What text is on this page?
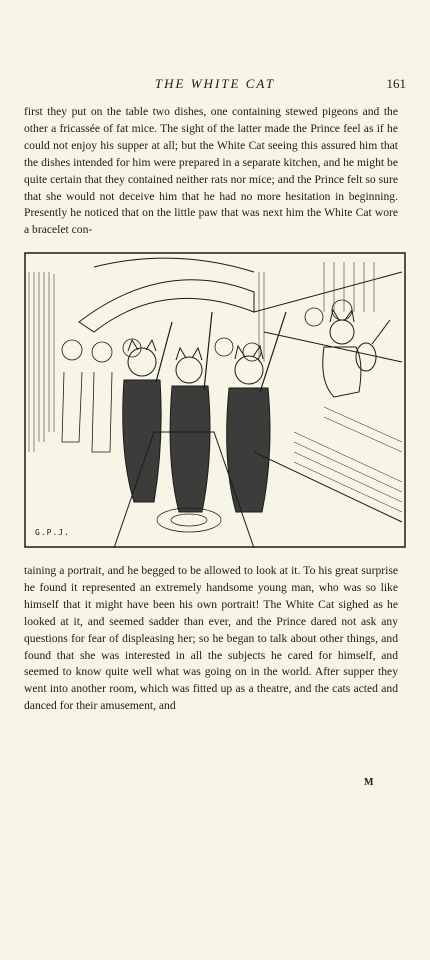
THE WHITE CAT	161

first they put on the table two dishes, one containing stewed pigeons and the other a fricassée of fat mice. The sight of the latter made the Prince feel as if he could not enjoy his supper at all; but the White Cat seeing this assured him that the dishes intended for him were prepared in a separate kitchen, and he might be quite certain that they contained neither rats nor mice; and the Prince felt so sure that she would not deceive him that he had no more hesitation in beginning. Presently he noticed that on the little paw that was next him the White Cat wore a bracelet con-

G.P.J.

taining a portrait, and he begged to be allowed to look at it. To his great surprise he found it represented an extremely handsome young man, who was so like himself that it might have been his own portrait! The White Cat sighed as he looked at it, and seemed sadder than ever, and the Prince dared not ask any questions for fear of displeasing her; so he began to talk about other things, and found that she was interested in all the subjects he cared for himself, and seemed to know quite well what was going on in the world. After supper they went into another room, which was fitted up as a theatre, and the cats acted and danced for their amusement, and

M
